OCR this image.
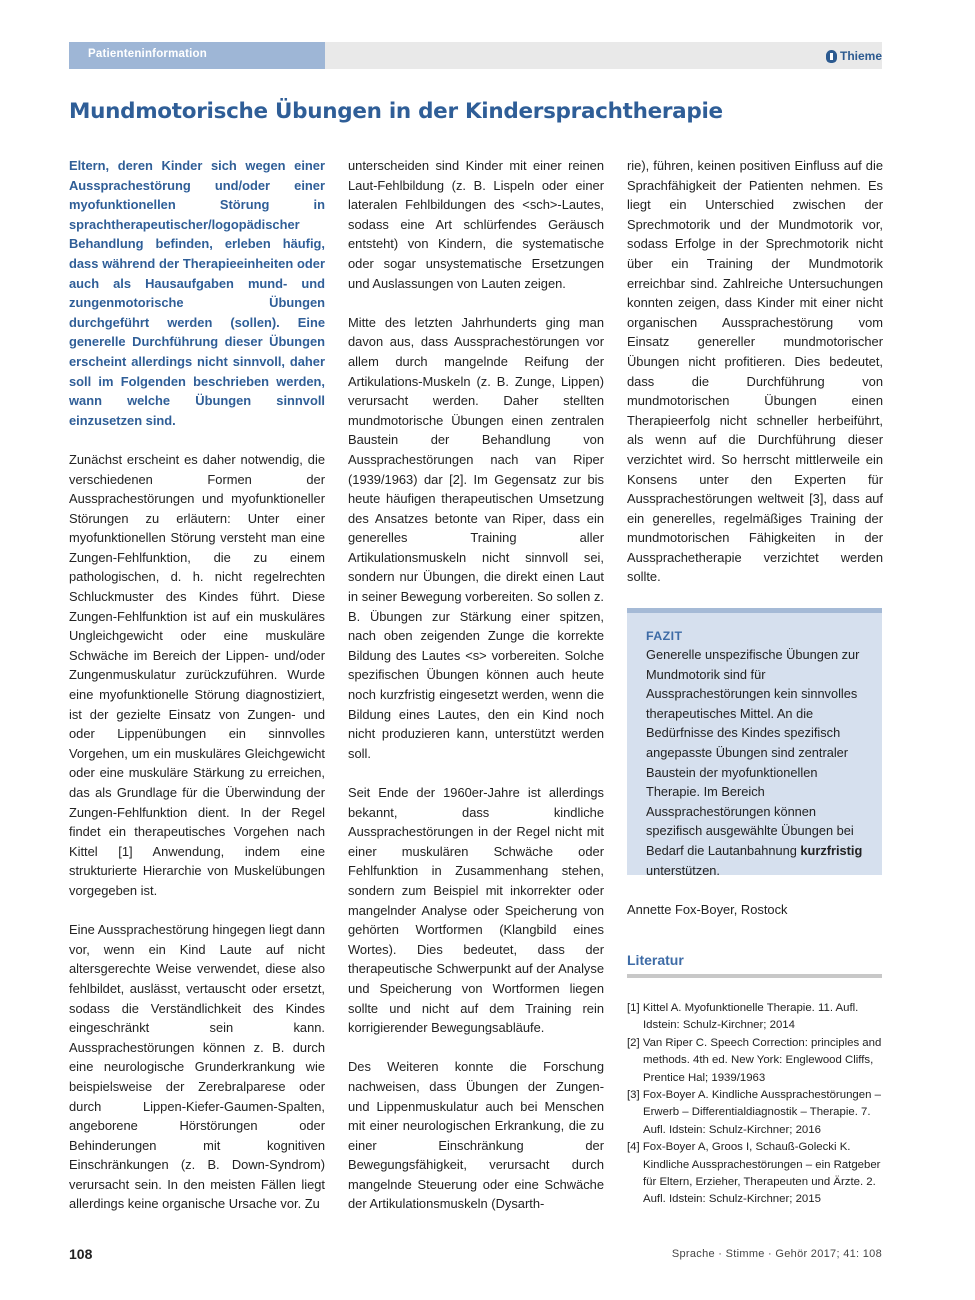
Patienteninformation	Thieme
Mundmotorische Übungen in der Kindersprachtherapie

Eltern, deren Kinder sich wegen einer Aussprachestörung und/oder einer myofunktionellen Störung in sprachtherapeutischer/logopädischer Behandlung befinden, erleben häufig, dass während der Therapieeinheiten oder auch als Hausaufgaben mund- und zungenmotorische Übungen durchgeführt werden (sollen). Eine generelle Durchführung dieser Übungen erscheint allerdings nicht sinnvoll, daher soll im Folgenden beschrieben werden, wann welche Übungen sinnvoll einzusetzen sind.

Zunächst erscheint es daher notwendig, die verschiedenen Formen der Aussprachestörungen und myofunktioneller Störungen zu erläutern: Unter einer myofunktionellen Störung versteht man eine Zungen-Fehlfunktion, die zu einem pathologischen, d. h. nicht regelrechten Schluckmuster des Kindes führt. Diese Zungen-Fehlfunktion ist auf ein muskuläres Ungleichgewicht oder eine muskuläre Schwäche im Bereich der Lippen- und/oder Zungenmuskulatur zurückzuführen. Wurde eine myofunktionelle Störung diagnostiziert, ist der gezielte Einsatz von Zungen- und oder Lippenübungen ein sinnvolles Vorgehen, um ein muskuläres Gleichgewicht oder eine muskuläre Stärkung zu erreichen, das als Grundlage für die Überwindung der Zungen-Fehlfunktion dient. In der Regel findet ein therapeutisches Vorgehen nach Kittel [1] Anwendung, indem eine strukturierte Hierarchie von Muskelübungen vorgegeben ist.

Eine Aussprachestörung hingegen liegt dann vor, wenn ein Kind Laute auf nicht altersgerechte Weise verwendet, diese also fehlbildet, auslässt, vertauscht oder ersetzt, sodass die Verständlichkeit des Kindes eingeschränkt sein kann. Aussprachestörungen können z. B. durch eine neurologische Grunderkrankung wie beispielsweise der Zerebralparese oder durch Lippen-Kiefer-Gaumen-Spalten, angeborene Hörstörungen oder Behinderungen mit kognitiven Einschränkungen (z. B. Down-Syndrom) verursacht sein. In den meisten Fällen liegt allerdings keine organische Ursache vor. Zu

unterscheiden sind Kinder mit einer reinen Laut-Fehlbildung (z. B. Lispeln oder einer lateralen Fehlbildungen des <sch>-Lautes, sodass eine Art schlürfendes Geräusch entsteht) von Kindern, die systematische oder sogar unsystematische Ersetzungen und Auslassungen von Lauten zeigen.

Mitte des letzten Jahrhunderts ging man davon aus, dass Aussprachestörungen vor allem durch mangelnde Reifung der Artikulations-Muskeln (z. B. Zunge, Lippen) verursacht werden. Daher stellten mundmotorische Übungen einen zentralen Baustein der Behandlung von Aussprachestörungen nach van Riper (1939/1963) dar [2]. Im Gegensatz zur bis heute häufigen therapeutischen Umsetzung des Ansatzes betonte van Riper, dass ein generelles Training aller Artikulationsmuskeln nicht sinnvoll sei, sondern nur Übungen, die direkt einen Laut in seiner Bewegung vorbereiten. So sollen z. B. Übungen zur Stärkung einer spitzen, nach oben zeigenden Zunge die korrekte Bildung des Lautes <s> vorbereiten. Solche spezifischen Übungen können auch heute noch kurzfristig eingesetzt werden, wenn die Bildung eines Lautes, den ein Kind noch nicht produzieren kann, unterstützt werden soll.

Seit Ende der 1960er-Jahre ist allerdings bekannt, dass kindliche Aussprachestörungen in der Regel nicht mit einer muskulären Schwäche oder Fehlfunktion in Zusammenhang stehen, sondern zum Beispiel mit inkorrekter oder mangelnder Analyse oder Speicherung von gehörten Wortformen (Klangbild eines Wortes). Dies bedeutet, dass der therapeutische Schwerpunkt auf der Analyse und Speicherung von Wortformen liegen sollte und nicht auf dem Training rein korrigierender Bewegungsabläufe.

Des Weiteren konnte die Forschung nachweisen, dass Übungen der Zungen- und Lippenmuskulatur auch bei Menschen mit einer neurologischen Erkrankung, die zu einer Einschränkung der Bewegungsfähigkeit, verursacht durch mangelnde Steuerung oder eine Schwäche der Artikulationsmuskeln (Dysarth-

rie), führen, keinen positiven Einfluss auf die Sprachfähigkeit der Patienten nehmen. Es liegt ein Unterschied zwischen der Sprechmotorik und der Mundmotorik vor, sodass Erfolge in der Sprechmotorik nicht über ein Training der Mundmotorik erreichbar sind. Zahlreiche Untersuchungen konnten zeigen, dass Kinder mit einer nicht organischen Aussprachestörung vom Einsatz genereller mundmotorischer Übungen nicht profitieren. Dies bedeutet, dass die Durchführung von mundmotorischen Übungen einen Therapieerfolg nicht schneller herbeiführt, als wenn auf die Durchführung dieser verzichtet wird. So herrscht mittlerweile ein Konsens unter den Experten für Aussprachestörungen weltweit [3], dass auf ein generelles, regelmäßiges Training der mundmotorischen Fähigkeiten in der Aussprachetherapie verzichtet werden sollte.

FAZIT
Generelle unspezifische Übungen zur Mundmotorik sind für Aussprachestörungen kein sinnvolles therapeutisches Mittel. An die Bedürfnisse des Kindes spezifisch angepasste Übungen sind zentraler Baustein der myofunktionellen Therapie. Im Bereich Aussprachestörungen können spezifisch ausgewählte Übungen bei Bedarf die Lautanbahnung kurzfristig unterstützen.
Annette Fox-Boyer, Rostock
Literatur
[1] Kittel A. Myofunktionelle Therapie. 11. Aufl. Idstein: Schulz-Kirchner; 2014
[2] Van Riper C. Speech Correction: principles and methods. 4th ed. New York: Englewood Cliffs, Prentice Hal; 1939/1963
[3] Fox-Boyer A. Kindliche Aussprachestörungen – Erwerb – Differentialdiagnostik – Therapie. 7. Aufl. Idstein: Schulz-Kirchner; 2016
[4] Fox-Boyer A, Groos I, Schauß-Golecki K. Kindliche Aussprachestörungen – ein Ratgeber für Eltern, Erzieher, Therapeuten und Ärzte. 2. Aufl. Idstein: Schulz-Kirchner; 2015
108	Sprache · Stimme · Gehör 2017; 41: 108
